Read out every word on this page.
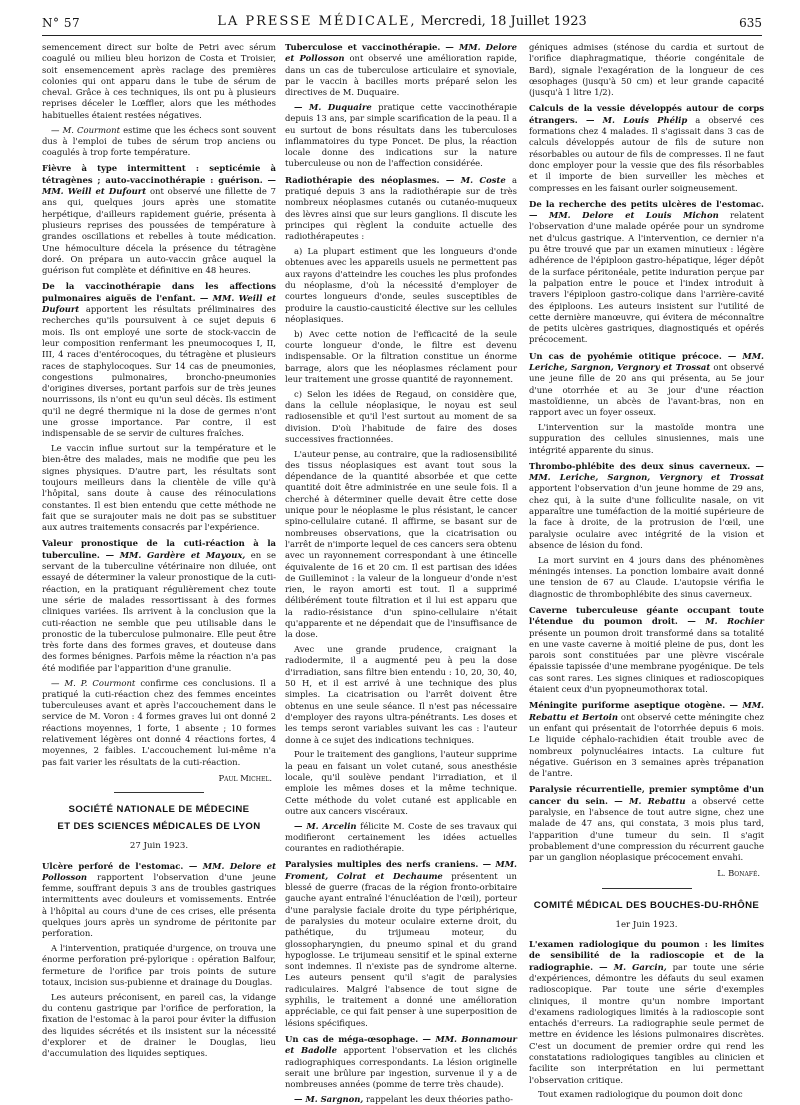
N° 57	LA PRESSE MÉDICALE, Mercredi, 18 Juillet 1923	635

semencement direct sur boîte de Petri avec sérum coagulé ou milieu bleu horizon de Costa et Troisier, soit ensemencement après raclage des premières colonies qui ont apparu dans le tube de sérum de cheval. Grâce à ces techniques, ils ont pu à plusieurs reprises déceler le Lœffler, alors que les méthodes habituelles étaient restées négatives.

— M. Courmont estime que les échecs sont souvent dus à l'emploi de tubes de sérum trop anciens ou coagulés à trop forte température.

Fièvre à type intermittent : septicémie à tétragènes ; auto-vaccinothérapie : guérison. — MM. Weill et Dufourt ont observé une fillette de 7 ans qui, quelques jours après une stomatite herpétique, d'ailleurs rapidement guérie, présenta à plusieurs reprises des poussées de température à grandes oscillations et rebelles à toute médication. Une hémoculture décela la présence du tétragène doré. On prépara un auto-vaccin grâce auquel la guérison fut complète et définitive en 48 heures.

De la vaccinothérapie dans les affections pulmonaires aiguës de l'enfant. — MM. Weill et Dufourt apportent les résultats préliminaires des recherches qu'ils poursuivent à ce sujet depuis 6 mois. Ils ont employé une sorte de stock-vaccin de leur composition renfermant les pneumocoques I, II, III, 4 races d'entérocoques, du tétragène et plusieurs races de staphylocoques. Sur 14 cas de pneumonies, congestions pulmonaires, broncho-pneumonies d'origines diverses, portant parfois sur de très jeunes nourrissons, ils n'ont eu qu'un seul décès. Ils estiment qu'il ne degré thermique ni la dose de germes n'ont une grosse importance. Par contre, il est indispensable de se servir de cultures fraîches.

Le vaccin influe surtout sur la température et le bien-être des malades, mais ne modifie que peu les signes physiques. D'autre part, les résultats sont toujours meilleurs dans la clientèle de ville qu'à l'hôpital, sans doute à cause des réinoculations constantes. Il est bien entendu que cette méthode ne fait que se surajouter mais ne doit pas se substituer aux autres traitements consacrés par l'expérience.

Valeur pronostique de la cuti-réaction à la tuberculine. — MM. Gardère et Mayoux, en se servant de la tuberculine vétérinaire non diluée, ont essayé de déterminer la valeur pronostique de la cuti-réaction, en la pratiquant régulièrement chez toute une série de malades ressortissant à des formes cliniques variées. Ils arrivent à la conclusion que la cuti-réaction ne semble que peu utilisable dans le pronostic de la tuberculose pulmonaire. Elle peut être très forte dans des formes graves, et douteuse dans des formes bénignes. Parfois même la réaction n'a pas été modifiée par l'apparition d'une granulie.

— M. P. Courmont confirme ces conclusions. Il a pratiqué la cuti-réaction chez des femmes enceintes tuberculeuses avant et après l'accouchement dans le service de M. Voron : 4 formes graves lui ont donné 2 réactions moyennes, 1 forte, 1 absente ; 10 formes relativement légères ont donné 4 réactions fortes, 4 moyennes, 2 faibles. L'accouchement lui-même n'a pas fait varier les résultats de la cuti-réaction.

Paul Michel.
SOCIÉTÉ NATIONALE DE MÉDECINE
ET DES SCIENCES MÉDICALES DE LYON
27 Juin 1923.

Ulcère perforé de l'estomac. — MM. Delore et Pollosson rapportent l'observation d'une jeune femme, souffrant depuis 3 ans de troubles gastriques intermittents avec douleurs et vomissements. Entrée à l'hôpital au cours d'une de ces crises, elle présenta quelques jours après un syndrome de péritonite par perforation.

A l'intervention, pratiquée d'urgence, on trouva une énorme perforation pré-pylorique : opération Balfour, fermeture de l'orifice par trois points de suture totaux, incision sus-pubienne et drainage du Douglas.

Les auteurs préconisent, en pareil cas, la vidange du contenu gastrique par l'orifice de perforation, la fixation de l'estomac à la paroi pour éviter la diffusion des liquides sécrétés et ils insistent sur la nécessité d'explorer et de drainer le Douglas, lieu d'accumulation des liquides septiques.

Tuberculose et vaccinothérapie. — MM. Delore et Pollosson ont observé une amélioration rapide, dans un cas de tuberculose articulaire et synoviale, par le vaccin à bacilles morts préparé selon les directives de M. Duquaire.

— M. Duquaire pratique cette vaccinothérapie depuis 13 ans, par simple scarification de la peau. Il a eu surtout de bons résultats dans les tuberculoses inflammatoires du type Poncet. De plus, la réaction locale donne des indications sur la nature tuberculeuse ou non de l'affection considérée.

Radiothérapie des néoplasmes. — M. Coste a pratiqué depuis 3 ans la radiothérapie sur de très nombreux néoplasmes cutanés ou cutanéo-muqueux des lèvres ainsi que sur leurs ganglions. Il discute les principes qui règlent la conduite actuelle des radiothérapeutes :

a) La plupart estiment que les longueurs d'onde obtenues avec les appareils usuels ne permettent pas aux rayons d'atteindre les couches les plus profondes du néoplasme, d'où la nécessité d'employer de courtes longueurs d'onde, seules susceptibles de produire la caustio-causticité élective sur les cellules néoplasiques.

b) Avec cette notion de l'efficacité de la seule courte longueur d'onde, le filtre est devenu indispensable. Or la filtration constitue un énorme barrage, alors que les néoplasmes réclament pour leur traitement une grosse quantité de rayonnement.

c) Selon les idées de Regaud, on considère que, dans la cellule néoplasique, le noyau est seul radiosensible et qu'il l'est surtout au moment de sa division. D'où l'habitude de faire des doses successives fractionnées.

L'auteur pense, au contraire, que la radiosensibilité des tissus néoplasiques est avant tout sous la dépendance de la quantité absorbée et que cette quantité doit être administrée en une seule fois. Il a cherché à déterminer quelle devait être cette dose unique pour le néoplasme le plus résistant, le cancer spino-cellulaire cutané. Il affirme, se basant sur de nombreuses observations, que la cicatrisation ou l'arrêt de n'importe lequel de ces cancers sera obtenu avec un rayonnement correspondant à une étincelle équivalente de 16 et 20 cm. Il est partisan des idées de Guilleminot : la valeur de la longueur d'onde n'est rien, le rayon amorti est tout. Il a supprimé délibérément toute filtration et il lui est apparu que la radio-résistance d'un spino-cellulaire n'était qu'apparente et ne dépendait que de l'insuffisance de la dose.

Avec une grande prudence, craignant la radiodermite, il a augmenté peu à peu la dose d'irradiation, sans filtre bien entendu : 10, 20, 30, 40, 50 H, et il est arrivé à une technique des plus simples. La cicatrisation ou l'arrêt doivent être obtenus en une seule séance. Il n'est pas nécessaire d'employer des rayons ultra-pénétrants. Les doses et les temps seront variables suivant les cas : l'auteur donne à ce sujet des indications techniques.

Pour le traitement des ganglions, l'auteur supprime la peau en faisant un volet cutané, sous anesthésie locale, qu'il soulève pendant l'irradiation, et il emploie les mêmes doses et la même technique. Cette méthode du volet cutané est applicable en outre aux cancers viscéraux.

— M. Arcelin félicite M. Coste de ses travaux qui modifieront certainement les idées actuelles courantes en radiothérapie.

Paralysies multiples des nerfs craniens. — MM. Froment, Colrat et Dechaume présentent un blessé de guerre (fracas de la région fronto-orbitaire gauche ayant entraîné l'énucléation de l'œil), porteur d'une paralysie faciale droite du type périphérique, de paralysies du moteur oculaire externe droit, du pathétique, du trijumeau moteur, du glossopharyngien, du pneumo spinal et du grand hypoglosse. Le trijumeau sensitif et le spinal externe sont indemnes. Il n'existe pas de syndrome alterne. Les auteurs pensent qu'il s'agit de paralysies radiculaires. Malgré l'absence de tout signe de syphilis, le traitement a donné une amélioration appréciable, ce qui fait penser à une superposition de lésions spécifiques.

Un cas de méga-œsophage. — MM. Bonnamour et Badolle apportent l'observation et les clichés radiographiques correspondants. La lésion originelle serait une brûlure par ingestion, survenue il y a de nombreuses années (pomme de terre très chaude).

— M. Sargnon, rappelant les deux théories patho-

géniques admises (sténose du cardia et surtout de l'orifice diaphragmatique, théorie congénitale de Bard), signale l'exagération de la longueur de ces œsophages (jusqu'à 50 cm) et leur grande capacité (jusqu'à 1 litre 1/2).

Calculs de la vessie développés autour de corps étrangers. — M. Louis Phélip a observé ces formations chez 4 malades. Il s'agissait dans 3 cas de calculs développés autour de fils de suture non résorbables ou autour de fils de compresses. Il ne faut donc employer pour la vessie que des fils résorbables et il importe de bien surveiller les mèches et compresses en les faisant ourler soigneusement.

De la recherche des petits ulcères de l'estomac. — MM. Delore et Louis Michon relatent l'observation d'une malade opérée pour un syndrome net d'ulcus gastrique. A l'intervention, ce dernier n'a pu être trouvé que par un examen minutieux : légère adhérence de l'épiploon gastro-hépatique, léger dépôt de la surface péritonéale, petite induration perçue par la palpation entre le pouce et l'index introduit à travers l'épiploon gastro-colique dans l'arrière-cavité des épiploons. Les auteurs insistent sur l'utilité de cette dernière manœuvre, qui évitera de méconnaître de petits ulcères gastriques, diagnostiqués et opérés précocement.

Un cas de pyohémie otitique précoce. — MM. Leriche, Sargnon, Vergnory et Trossat ont observé une jeune fille de 20 ans qui présenta, au 5e jour d'une otorrhée et au 3e jour d'une réaction mastoïdienne, un abcès de l'avant-bras, non en rapport avec un foyer osseux.

L'intervention sur la mastoïde montra une suppuration des cellules sinusiennes, mais une intégrité apparente du sinus.

Thrombo-phlébite des deux sinus caverneux. — MM. Leriche, Sargnon, Vergnory et Trossat apportent l'observation d'un jeune homme de 29 ans, chez qui, à la suite d'une folliculite nasale, on vit apparaître une tuméfaction de la moitié supérieure de la face à droite, de la protrusion de l'œil, une paralysie oculaire avec intégrité de la vision et absence de lésion du fond.

La mort survint en 4 jours dans des phénomènes méningés intenses. La ponction lombaire avait donné une tension de 67 au Claude. L'autopsie vérifia le diagnostic de thrombophlébite des sinus caverneux.

Caverne tuberculeuse géante occupant toute l'étendue du poumon droit. — M. Rochier présente un poumon droit transformé dans sa totalité en une vaste caverne à moitié pleine de pus, dont les parois sont constituées par une plèvre viscérale épaissie tapissée d'une membrane pyogénique. De tels cas sont rares. Les signes cliniques et radioscopiques étaient ceux d'un pyopneumothorax total.

Méningite puriforme aseptique otogène. — MM. Rebattu et Bertoin ont observé cette méningite chez un enfant qui présentait de l'otorrhée depuis 6 mois. Le liquide céphalo-rachidien était trouble avec de nombreux polynucléaires intacts. La culture fut négative. Guérison en 3 semaines après trépanation de l'antre.

Paralysie récurrentielle, premier symptôme d'un cancer du sein. — M. Rebattu a observé cette paralysie, en l'absence de tout autre signe, chez une malade de 47 ans, qui constata, 3 mois plus tard, l'apparition d'une tumeur du sein. Il s'agit probablement d'une compression du récurrent gauche par un ganglion néoplasique précocement envahi.

L. Bonafé.
COMITÉ MÉDICAL DES BOUCHES-DU-RHÔNE
1er Juin 1923.

L'examen radiologique du poumon : les limites de sensibilité de la radioscopie et de la radiographie. — M. Garcin, par toute une série d'expériences, démontre les défauts du seul examen radioscopique. Par toute une série d'exemples cliniques, il montre qu'un nombre important d'examens radiologiques limités à la radioscopie sont entachés d'erreurs. La radiographie seule permet de mettre en évidence les lésions pulmonaires discrètes. C'est un document de premier ordre qui rend les constatations radiologiques tangibles au clinicien et facilite son interprétation en lui permettant l'observation critique.

Tout examen radiologique du poumon doit donc
